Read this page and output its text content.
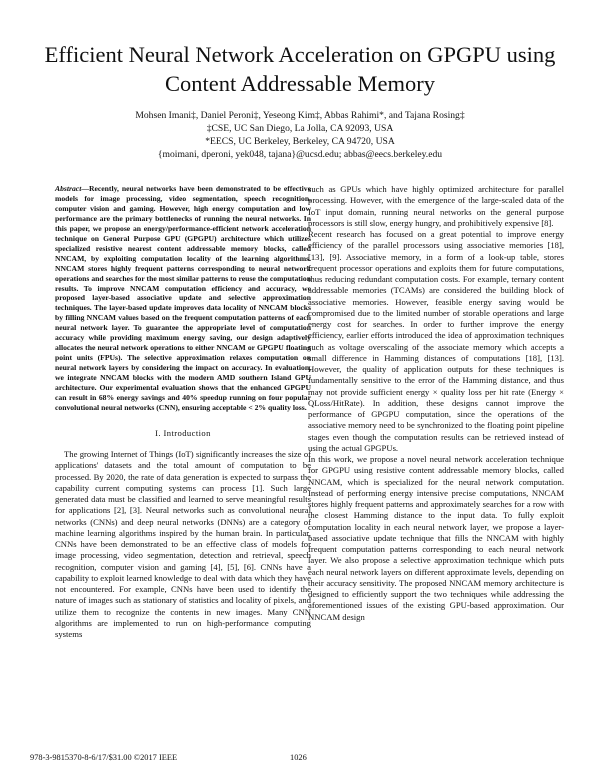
Efficient Neural Network Acceleration on GPGPU using Content Addressable Memory
Mohsen Imani‡, Daniel Peroni‡, Yeseong Kim‡, Abbas Rahimi*, and Tajana Rosing‡
‡CSE, UC San Diego, La Jolla, CA 92093, USA
*EECS, UC Berkeley, Berkeley, CA 94720, USA
{moimani, dperoni, yek048, tajana}@ucsd.edu; abbas@eecs.berkeley.edu

Abstract—Recently, neural networks have been demonstrated to be effective models for image processing, video segmentation, speech recognition, computer vision and gaming. However, high energy computation and low performance are the primary bottlenecks of running the neural networks. In this paper, we propose an energy/performance-efficient network acceleration technique on General Purpose GPU (GPGPU) architecture which utilizes specialized resistive nearest content addressable memory blocks, called NNCAM, by exploiting computation locality of the learning algorithms. NNCAM stores highly frequent patterns corresponding to neural network operations and searches for the most similar patterns to reuse the computation results. To improve NNCAM computation efficiency and accuracy, we proposed layer-based associative update and selective approximation techniques. The layer-based update improves data locality of NNCAM blocks by filling NNCAM values based on the frequent computation patterns of each neural network layer. To guarantee the appropriate level of computation accuracy while providing maximum energy saving, our design adaptively allocates the neural network operations to either NNCAM or GPGPU floating point units (FPUs). The selective approximation relaxes computation on neural network layers by considering the impact on accuracy. In evaluation, we integrate NNCAM blocks with the modern AMD southern Island GPU architecture. Our experimental evaluation shows that the enhanced GPGPU can result in 68% energy savings and 40% speedup running on four popular convolutional neural networks (CNN), ensuring acceptable < 2% quality loss.

I. Introduction

The growing Internet of Things (IoT) significantly increases the size of applications' datasets and the total amount of computation to be processed. By 2020, the rate of data generation is expected to surpass the capability current computing systems can process [1]. Such large generated data must be classified and learned to serve meaningful results for applications [2], [3]. Neural networks such as convolutional neural networks (CNNs) and deep neural networks (DNNs) are a category of machine learning algorithms inspired by the human brain. In particular, CNNs have been demonstrated to be an effective class of models for image processing, video segmentation, detection and retrieval, speech recognition, computer vision and gaming [4], [5], [6]. CNNs have a capability to exploit learned knowledge to deal with data which they have not encountered. For example, CNNs have been used to identify the nature of images such as stationary of statistics and locality of pixels, and utilize them to recognize the contents in new images. Many CNN algorithms are implemented to run on high-performance computing systems

such as GPUs which have highly optimized architecture for parallel processing. However, with the emergence of the large-scaled data of the IoT input domain, running neural networks on the general purpose processors is still slow, energy hungry, and prohibitively expensive [8].

Recent research has focused on a great potential to improve energy efficiency of the parallel processors using associative memories [18], [13], [9]. Associative memory, in a form of a look-up table, stores frequent processor operations and exploits them for future computations, thus reducing redundant computation costs. For example, ternary content addressable memories (TCAMs) are considered the building block of associative memories. However, feasible energy saving would be compromised due to the limited number of storable operations and large energy cost for searches. In order to further improve the energy efficiency, earlier efforts introduced the idea of approximation techniques such as voltage overscaling of the associate memory which accepts a small difference in Hamming distances of computations [18], [13]. However, the quality of application outputs for these techniques is fundamentally sensitive to the error of the Hamming distance, and thus may not provide sufficient energy × quality loss per hit rate (Energy × QLoss/HitRate). In addition, these designs cannot improve the performance of GPGPU computation, since the operations of the associative memory need to be synchronized to the floating point pipeline stages even though the computation results can be retrieved instead of using the actual GPGPUs.

In this work, we propose a novel neural network acceleration technique for GPGPU using resistive content addressable memory blocks, called NNCAM, which is specialized for the neural network computation. Instead of performing energy intensive precise computations, NNCAM stores highly frequent patterns and approximately searches for a row with the closest Hamming distance to the input data. To fully exploit computation locality in each neural network layer, we propose a layer-based associative update technique that fills the NNCAM with highly frequent computation patterns corresponding to each neural network layer. We also propose a selective approximation technique which puts each neural network layers on different approximate levels, depending on their accuracy sensitivity. The proposed NNCAM memory architecture is designed to efficiently support the two techniques while addressing the aforementioned issues of the existing GPU-based approximation. Our NNCAM design

978-3-9815370-8-6/17/$31.00 ©2017 IEEE	1026
